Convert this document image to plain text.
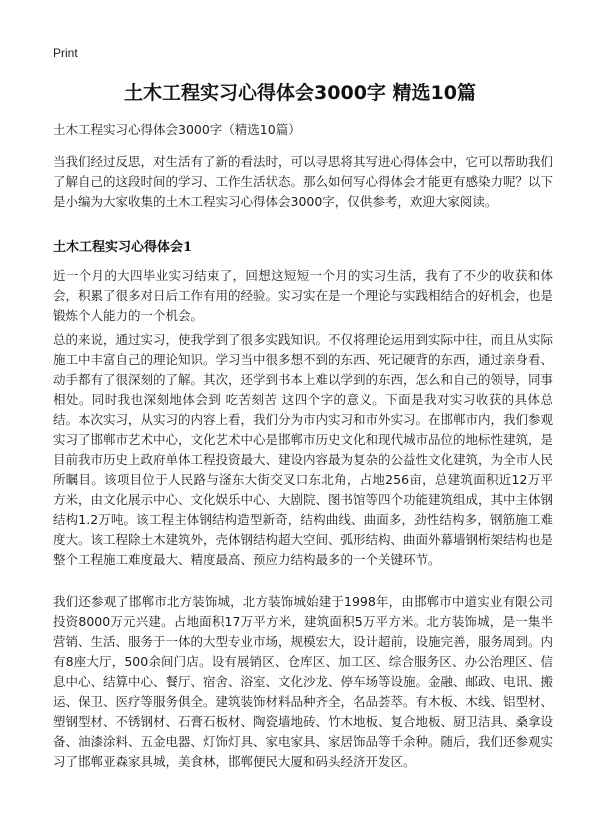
Print
土木工程实习心得体会3000字 精选10篇
土木工程实习心得体会3000字（精选10篇）

当我们经过反思，对生活有了新的看法时，可以寻思将其写进心得体会中，它可以帮助我们了解自己的这段时间的学习、工作生活状态。那么如何写心得体会才能更有感染力呢？以下是小编为大家收集的土木工程实习心得体会3000字，仅供参考，欢迎大家阅读。

土木工程实习心得体会1

近一个月的大四毕业实习结束了，回想这短短一个月的实习生活，我有了不少的收获和体会，积累了很多对日后工作有用的经验。实习实在是一个理论与实践相结合的好机会，也是锻炼个人能力的一个机会。

总的来说，通过实习，使我学到了很多实践知识。不仅将理论运用到实际中往，而且从实际施工中丰富自己的理论知识。学习当中很多想不到的东西、死记硬背的东西，通过亲身看、动手都有了很深刻的了解。其次，还学到书本上难以学到的东西，怎么和自己的领导，同事相处。同时我也深刻地体会到 吃苦刻苦 这四个字的意义。下面是我对实习收获的具体总结。本次实习，从实习的内容上看，我们分为市内实习和市外实习。在邯郸市内，我们参观实习了邯郸市艺术中心，文化艺术中心是邯郸市历史文化和现代城市品位的地标性建筑，是目前我市历史上政府单体工程投资最大、建设内容最为复杂的公益性文化建筑，为全市人民所瞩目。该项目位于人民路与滏东大街交叉口东北角，占地256亩，总建筑面积近12万平方米，由文化展示中心、文化娱乐中心、大剧院、图书馆等四个功能建筑组成，其中主体钢结构1.2万吨。该工程主体钢结构造型新奇，结构曲线、曲面多，劲性结构多，钢筋施工难度大。该工程除土木建筑外，壳体钢结构超大空间、弧形结构、曲面外幕墙钢桁架结构也是整个工程施工难度最大、精度最高、预应力结构最多的一个关键环节。

我们还参观了邯郸市北方装饰城，北方装饰城始建于1998年，由邯郸市中道实业有限公司投资8000万元兴建。占地面积17万平方米，建筑面积5万平方米。北方装饰城，是一集半营销、生活、服务于一体的大型专业市场，规模宏大，设计超前，设施完善，服务周到。内有8座大厅，500余间门店。设有展销区、仓库区、加工区、综合服务区、办公治理区、信息中心、结算中心、餐厅、宿舍、浴室、文化沙龙、停车场等设施。金融、邮政、电讯、搬运、保卫、医疗等服务俱全。建筑装饰材料品种齐全，名品荟萃。有木板、木线、铝型材、塑钢型材、不锈钢材、石膏石板材、陶瓷墙地砖、竹木地板、复合地板、厨卫洁具、桑拿设备、油漆涂料、五金电器、灯饰灯具、家电家具、家居饰品等千余种。随后，我们还参观实习了邯郸亚森家具城，美食林，邯郸便民大厦和码头经济开发区。
